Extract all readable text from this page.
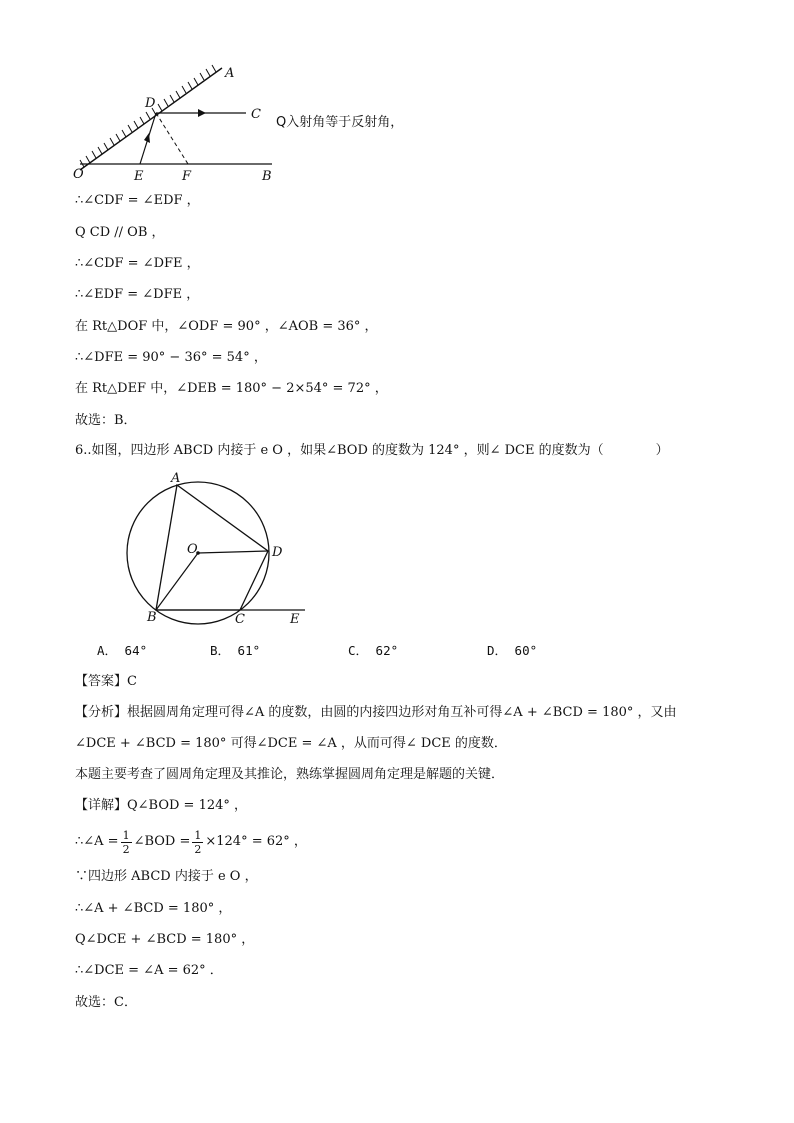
A
D
C
O	E	F	B
Q入射角等于反射角，
∴∠CDF = ∠EDF ，
Q CD // OB ，
∴∠CDF = ∠DFE ，
∴∠EDF = ∠DFE ，
在 Rt△DOF 中，∠ODF = 90° ，∠AOB = 36° ，
∴∠DFE = 90° − 36° = 54° ，
在 Rt△DEF 中，∠DEB = 180° − 2×54° = 72° ，
故选：B．
6..如图，四边形 ABCD 内接于 e O ，如果∠BOD 的度数为 124° ，则∠ DCE 的度数为（　　　　）
A
O	D
B	C	E
A． 64°	B． 61°	C． 62°	D． 60°
【答案】C
【分析】根据圆周角定理可得∠A 的度数，由圆的内接四边形对角互补可得∠A + ∠BCD = 180° ，又由
∠DCE + ∠BCD = 180° 可得∠DCE = ∠A ，从而可得∠ DCE 的度数．
本题主要考查了圆周角定理及其推论，熟练掌握圆周角定理是解题的关键．
【详解】Q∠BOD = 124° ，
∴∠A = $\frac{1}{2}$ ∠BOD = $\frac{1}{2} \times 124^\circ = 62^\circ$ ，
∵四边形 ABCD 内接于 e O ，
∴∠A + ∠BCD = 180° ，
Q∠DCE + ∠BCD = 180° ，
∴∠DCE = ∠A = 62° ．
故选：C．
